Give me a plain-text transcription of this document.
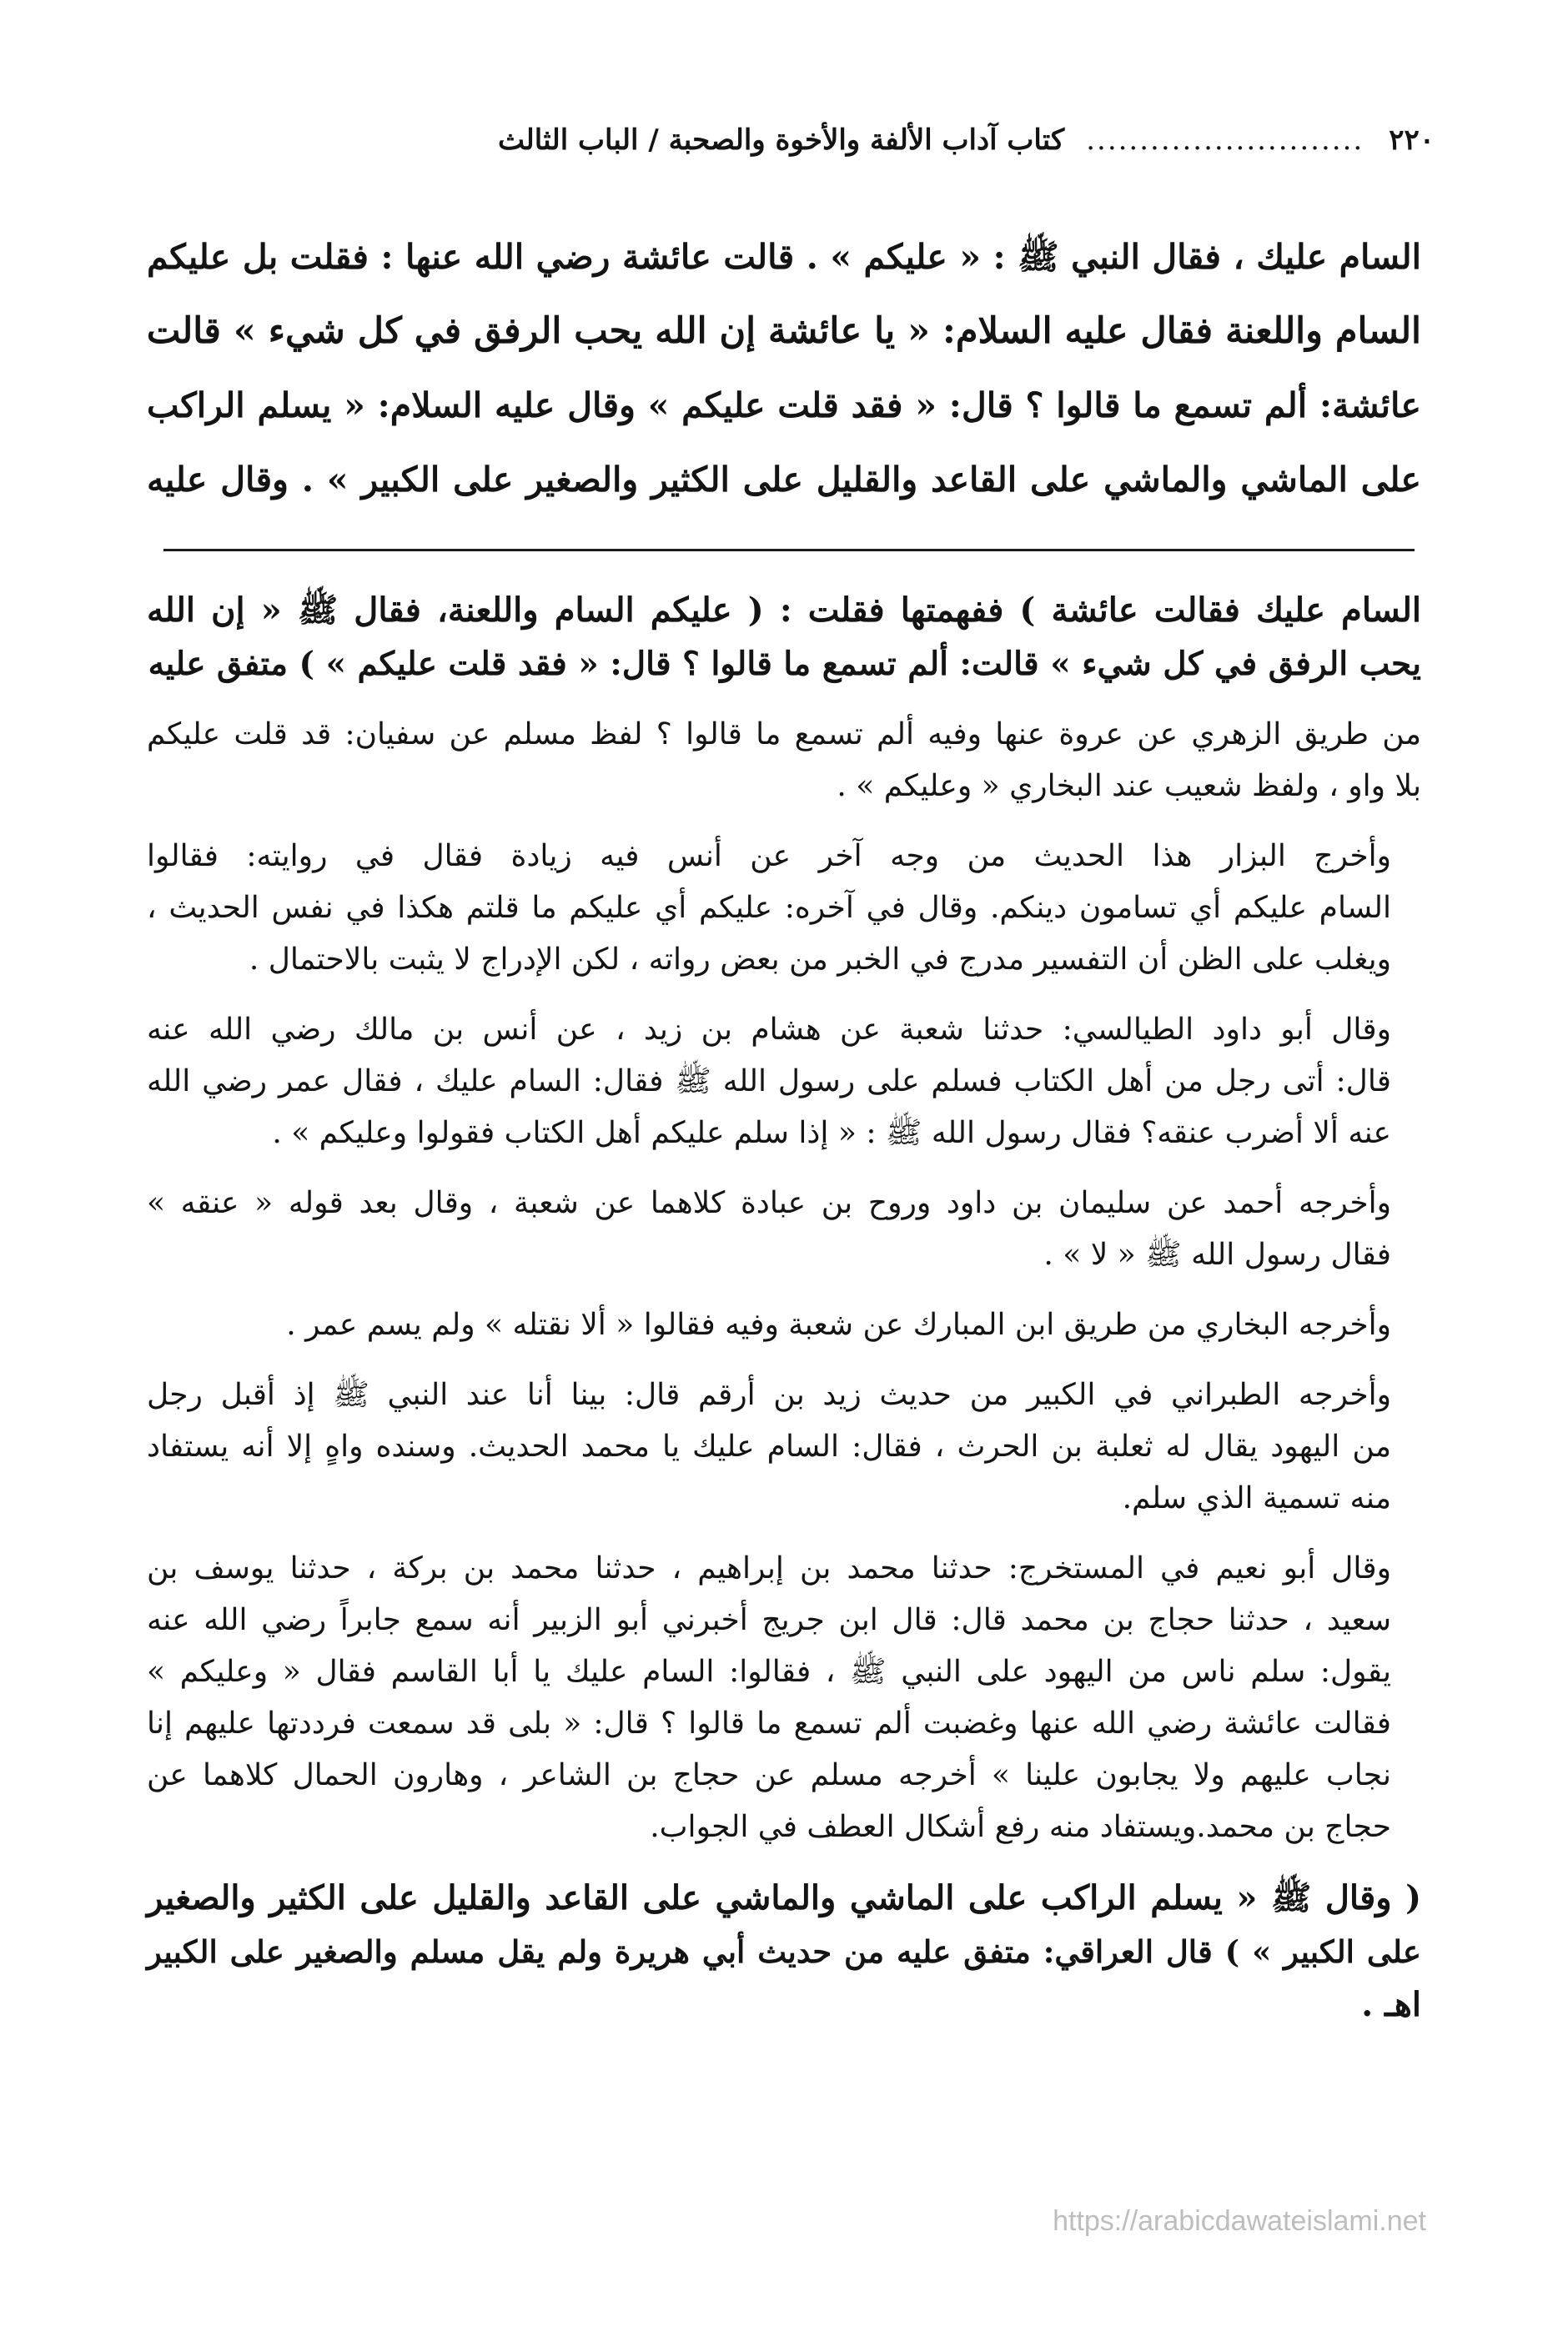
٢٢٠
..........................
كتاب آداب الألفة والأخوة والصحبة / الباب الثالث
السام عليك ، فقال النبي ﷺ : « عليكم » . قالت عائشة رضي الله عنها : فقلت بل عليكم
السام واللعنة فقال عليه السلام: « يا عائشة إن الله يحب الرفق في كل شيء » قالت
عائشة: ألم تسمع ما قالوا ؟ قال: « فقد قلت عليكم » وقال عليه السلام: « يسلم الراكب
على الماشي والماشي على القاعد والقليل على الكثير والصغير على الكبير » . وقال عليه

السام عليك فقالت عائشة ) ففهمتها فقلت : ( عليكم السام واللعنة، فقال ﷺ « إن الله
يحب الرفق في كل شيء » قالت: ألم تسمع ما قالوا ؟ قال: « فقد قلت عليكم » ) متفق عليه

من طريق الزهري عن عروة عنها وفيه ألم تسمع ما قالوا ؟ لفظ مسلم عن سفيان: قد قلت عليكم
بلا واو ، ولفظ شعيب عند البخاري « وعليكم » .

وأخرج البزار هذا الحديث من وجه آخر عن أنس فيه زيادة فقال في روايته: فقالوا
السام عليكم أي تسامون دينكم. وقال في آخره: عليكم أي عليكم ما قلتم هكذا في نفس الحديث ،
ويغلب على الظن أن التفسير مدرج في الخبر من بعض رواته ، لكن الإدراج لا يثبت بالاحتمال .

وقال أبو داود الطيالسي: حدثنا شعبة عن هشام بن زيد ، عن أنس بن مالك رضي الله عنه
قال: أتى رجل من أهل الكتاب فسلم على رسول الله ﷺ فقال: السام عليك ، فقال عمر رضي الله
عنه ألا أضرب عنقه؟ فقال رسول الله ﷺ : « إذا سلم عليكم أهل الكتاب فقولوا وعليكم » .

وأخرجه أحمد عن سليمان بن داود وروح بن عبادة كلاهما عن شعبة ، وقال بعد قوله « عنقه »
فقال رسول الله ﷺ « لا » .

وأخرجه البخاري من طريق ابن المبارك عن شعبة وفيه فقالوا « ألا نقتله » ولم يسم عمر .

وأخرجه الطبراني في الكبير من حديث زيد بن أرقم قال: بينا أنا عند النبي ﷺ إذ أقبل رجل
من اليهود يقال له ثعلبة بن الحرث ، فقال: السام عليك يا محمد الحديث. وسنده واهٍ إلا أنه يستفاد
منه تسمية الذي سلم.

وقال أبو نعيم في المستخرج: حدثنا محمد بن إبراهيم ، حدثنا محمد بن بركة ، حدثنا يوسف بن
سعيد ، حدثنا حجاج بن محمد قال: قال ابن جريج أخبرني أبو الزبير أنه سمع جابراً رضي الله عنه
يقول: سلم ناس من اليهود على النبي ﷺ ، فقالوا: السام عليك يا أبا القاسم فقال « وعليكم »
فقالت عائشة رضي الله عنها وغضبت ألم تسمع ما قالوا ؟ قال: « بلى قد سمعت فرددتها عليهم إنا
نجاب عليهم ولا يجابون علينا » أخرجه مسلم عن حجاج بن الشاعر ، وهارون الحمال كلاهما عن
حجاج بن محمد.ويستفاد منه رفع أشكال العطف في الجواب.

( وقال ﷺ « يسلم الراكب على الماشي والماشي على القاعد والقليل على الكثير والصغير
على الكبير » ) قال العراقي: متفق عليه من حديث أبي هريرة ولم يقل مسلم والصغير على الكبير
اهـ .

https://arabicdawateislami.net
